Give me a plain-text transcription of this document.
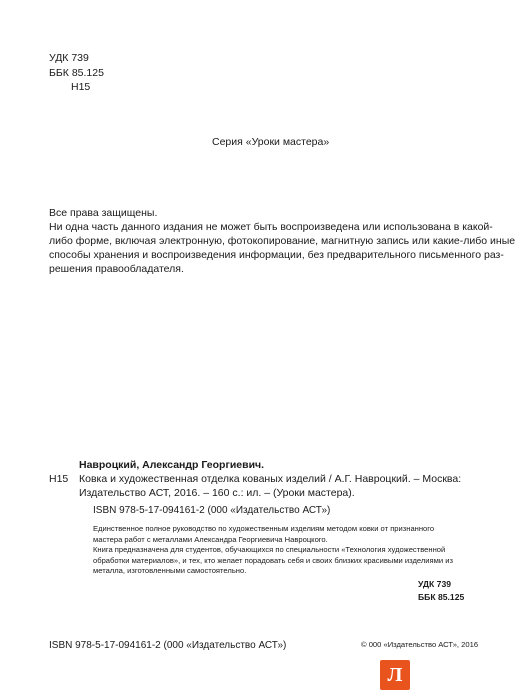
УДК 739
ББК 85.125
Н15
Серия «Уроки мастера»
Все права защищены.
Ни одна часть данного издания не может быть воспроизведена или использована в какой-
либо форме, включая электронную, фотокопирование, магнитную запись или какие-либо иные
способы хранения и воспроизведения информации, без предварительного письменного раз-
решения правообладателя.
Навроцкий, Александр Георгиевич.
Н15 Ковка и художественная отделка кованых изделий / А.Г. Навроцкий. – Москва:
Издательство АСТ, 2016. – 160 с.: ил. – (Уроки мастера).
ISBN 978-5-17-094161-2 (000 «Издательство АСТ»)
Единственное полное руководство по художественным изделиям методом ковки от признанного
мастера работ с металлами Александра Георгиевича Навроцкого.
Книга предназначена для студентов, обучающихся по специальности «Технология художественной
обработки материалов», и тех, кто желает порадовать себя и своих близких красивыми изделиями из
металла, изготовленными самостоятельно.
УДК 739
ББК 85.125
ISBN 978-5-17-094161-2 (000 «Издательство АСТ»)	© 000 «Издательство АСТ», 2016
Л
